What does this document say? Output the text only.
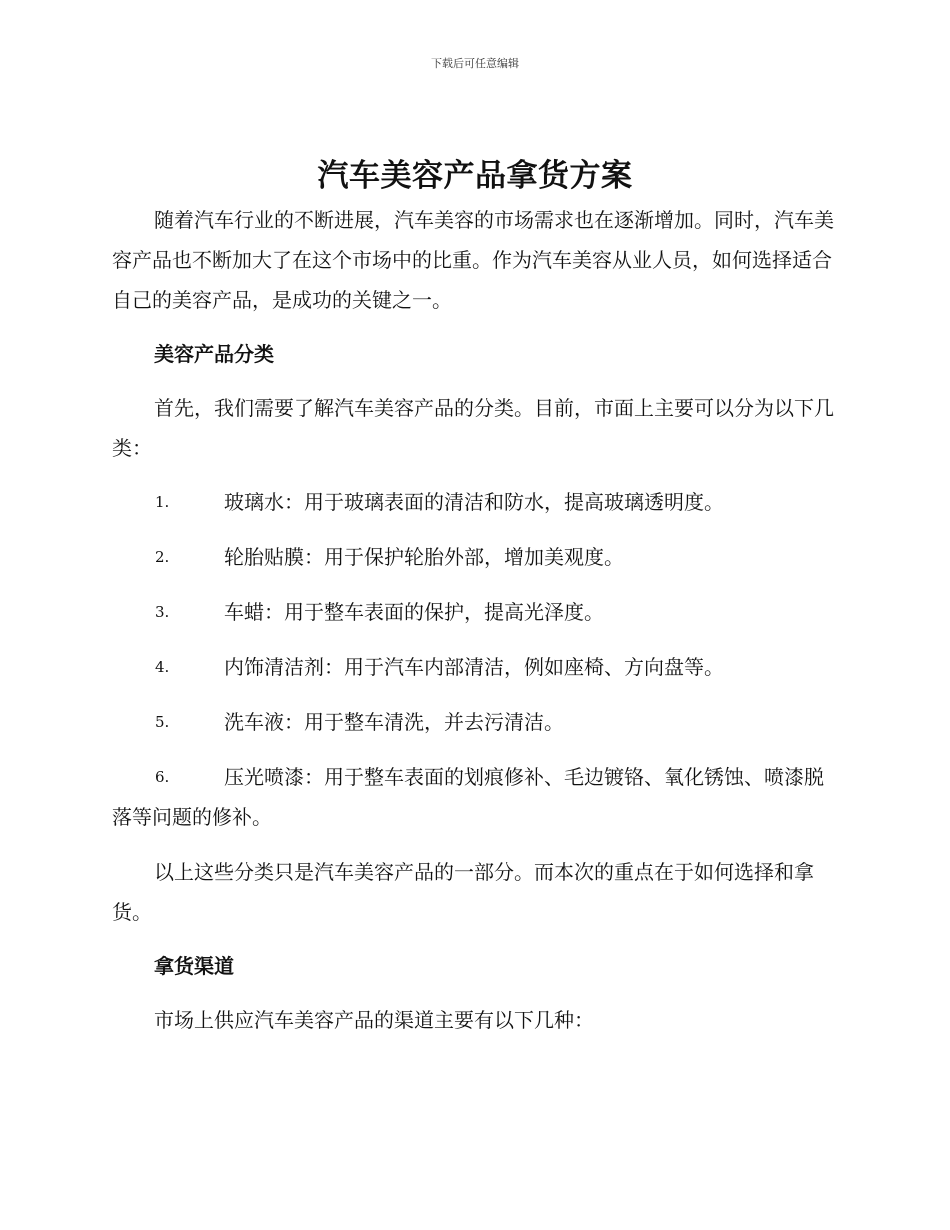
下载后可任意编辑
汽车美容产品拿货方案

随着汽车行业的不断进展，汽车美容的市场需求也在逐渐增加。同时，汽车美容产品也不断加大了在这个市场中的比重。作为汽车美容从业人员，如何选择适合自己的美容产品，是成功的关键之一。

美容产品分类

首先，我们需要了解汽车美容产品的分类。目前，市面上主要可以分为以下几类：

1.	玻璃水：用于玻璃表面的清洁和防水，提高玻璃透明度。
2.	轮胎贴膜：用于保护轮胎外部，增加美观度。
3.	车蜡：用于整车表面的保护，提高光泽度。
4.	内饰清洁剂：用于汽车内部清洁，例如座椅、方向盘等。
5.	洗车液：用于整车清洗，并去污清洁。
6.	压光喷漆：用于整车表面的划痕修补、毛边镀铬、氧化锈蚀、喷漆脱落等问题的修补。

以上这些分类只是汽车美容产品的一部分。而本次的重点在于如何选择和拿货。

拿货渠道

市场上供应汽车美容产品的渠道主要有以下几种：
